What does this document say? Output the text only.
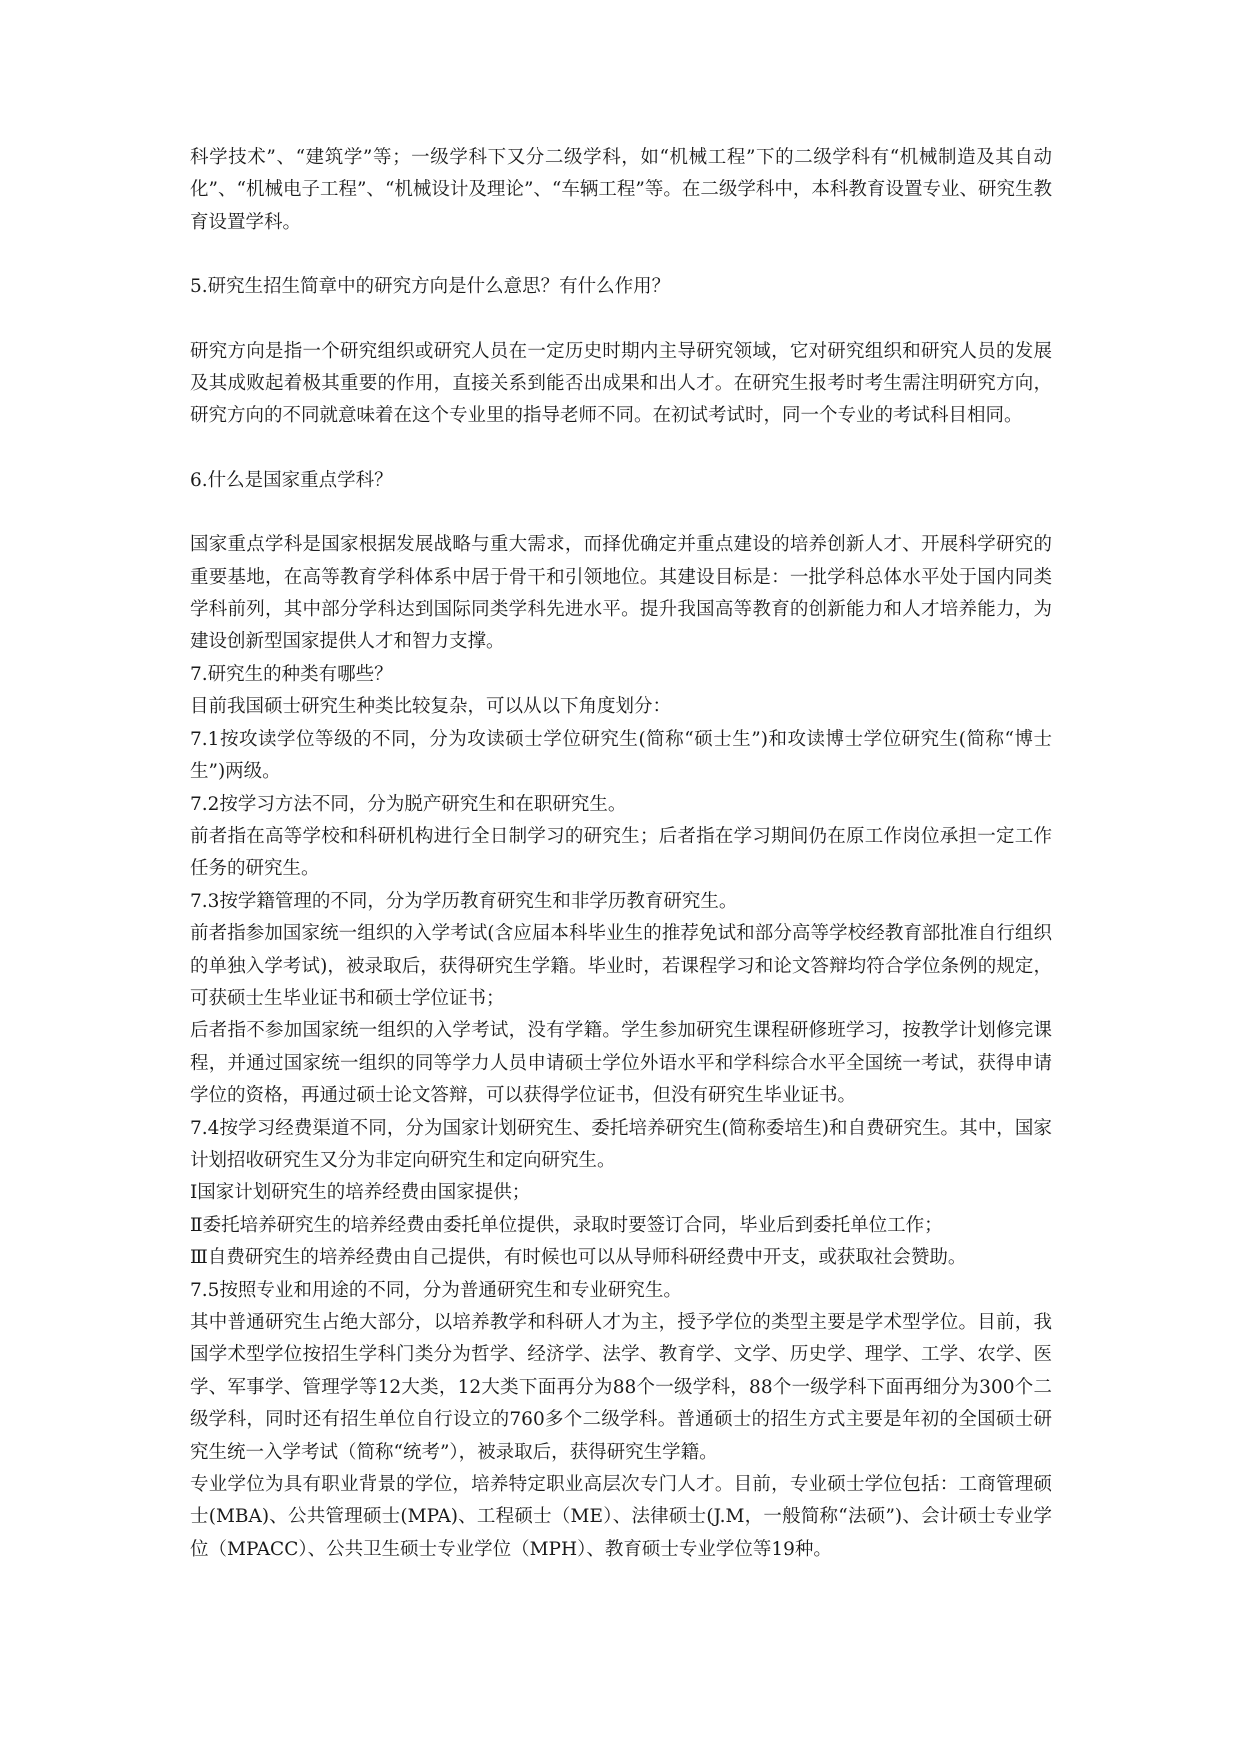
科学技术”、“建筑学”等；一级学科下又分二级学科，如“机械工程”下的二级学科有“机械制造及其自动化”、“机械电子工程”、“机械设计及理论”、“车辆工程”等。在二级学科中，本科教育设置专业、研究生教育设置学科。

5.研究生招生简章中的研究方向是什么意思？有什么作用？

研究方向是指一个研究组织或研究人员在一定历史时期内主导研究领域，它对研究组织和研究人员的发展及其成败起着极其重要的作用，直接关系到能否出成果和出人才。在研究生报考时考生需注明研究方向，研究方向的不同就意味着在这个专业里的指导老师不同。在初试考试时，同一个专业的考试科目相同。

6.什么是国家重点学科？

国家重点学科是国家根据发展战略与重大需求，而择优确定并重点建设的培养创新人才、开展科学研究的重要基地，在高等教育学科体系中居于骨干和引领地位。其建设目标是：一批学科总体水平处于国内同类学科前列，其中部分学科达到国际同类学科先进水平。提升我国高等教育的创新能力和人才培养能力，为建设创新型国家提供人才和智力支撑。

7.研究生的种类有哪些？

目前我国硕士研究生种类比较复杂，可以从以下角度划分：

7.1按攻读学位等级的不同，分为攻读硕士学位研究生(简称“硕士生”)和攻读博士学位研究生(简称“博士生”)两级。

7.2按学习方法不同，分为脱产研究生和在职研究生。

前者指在高等学校和科研机构进行全日制学习的研究生；后者指在学习期间仍在原工作岗位承担一定工作任务的研究生。

7.3按学籍管理的不同，分为学历教育研究生和非学历教育研究生。

前者指参加国家统一组织的入学考试(含应届本科毕业生的推荐免试和部分高等学校经教育部批准自行组织的单独入学考试)，被录取后，获得研究生学籍。毕业时，若课程学习和论文答辩均符合学位条例的规定，可获硕士生毕业证书和硕士学位证书；

后者指不参加国家统一组织的入学考试，没有学籍。学生参加研究生课程研修班学习，按教学计划修完课程，并通过国家统一组织的同等学力人员申请硕士学位外语水平和学科综合水平全国统一考试，获得申请学位的资格，再通过硕士论文答辩，可以获得学位证书，但没有研究生毕业证书。

7.4按学习经费渠道不同，分为国家计划研究生、委托培养研究生(简称委培生)和自费研究生。其中，国家计划招收研究生又分为非定向研究生和定向研究生。

Ⅰ国家计划研究生的培养经费由国家提供；

Ⅱ委托培养研究生的培养经费由委托单位提供，录取时要签订合同，毕业后到委托单位工作；

Ⅲ自费研究生的培养经费由自己提供，有时候也可以从导师科研经费中开支，或获取社会赞助。

7.5按照专业和用途的不同，分为普通研究生和专业研究生。

其中普通研究生占绝大部分，以培养教学和科研人才为主，授予学位的类型主要是学术型学位。目前，我国学术型学位按招生学科门类分为哲学、经济学、法学、教育学、文学、历史学、理学、工学、农学、医学、军事学、管理学等12大类，12大类下面再分为88个一级学科，88个一级学科下面再细分为300个二级学科，同时还有招生单位自行设立的760多个二级学科。普通硕士的招生方式主要是年初的全国硕士研究生统一入学考试（简称“统考”），被录取后，获得研究生学籍。

专业学位为具有职业背景的学位，培养特定职业高层次专门人才。目前，专业硕士学位包括：工商管理硕士(MBA)、公共管理硕士(MPA)、工程硕士（ME）、法律硕士(J.M，一般简称“法硕”)、会计硕士专业学位（MPACC）、公共卫生硕士专业学位（MPH）、教育硕士专业学位等19种。
